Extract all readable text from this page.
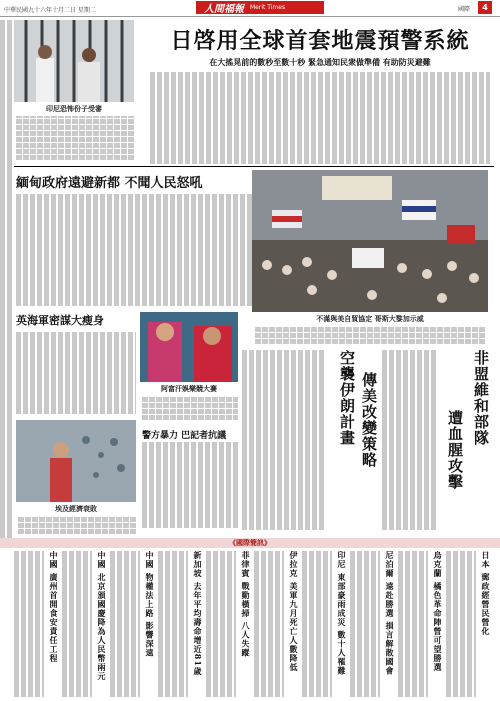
中華民國九十六年十月二日 星期二	人間福報 Merit Times	國際	4
日啓用全球首套地震預警系統
在大搖晃前的數秒至數十秒 緊急通知民衆做準備 有助防災避難
印尼恐怖份子受審
緬甸政府遠避新都 不聞人民怒吼
不滿與美自貿協定 哥斯大黎加示威
英海軍密謀大瘦身
阿富汗娛樂競大賽
警方暴力 巴記者抗議
埃及經濟衰敗
空襲伊朗計畫 傳美改變策略	非盟維和部隊
遭血腥攻擊
《國際簡訊》
日本 郵政經營民營化
烏克蘭 橘色革命陣營可望勝選
尼泊爾 遠赴勝選 損言解散國會
印尼 東部豪雨成災 數十人罹難
伊拉克 美軍九月死亡人數降低
菲律賓 戰勤橫掃 八人失蹤
新加坡 去年平均壽命增近81歲
中國 物權法上路 影響深遠
中國 北京頒國慶降為人民幣兩元
中國 廣州首開食安責任工程
